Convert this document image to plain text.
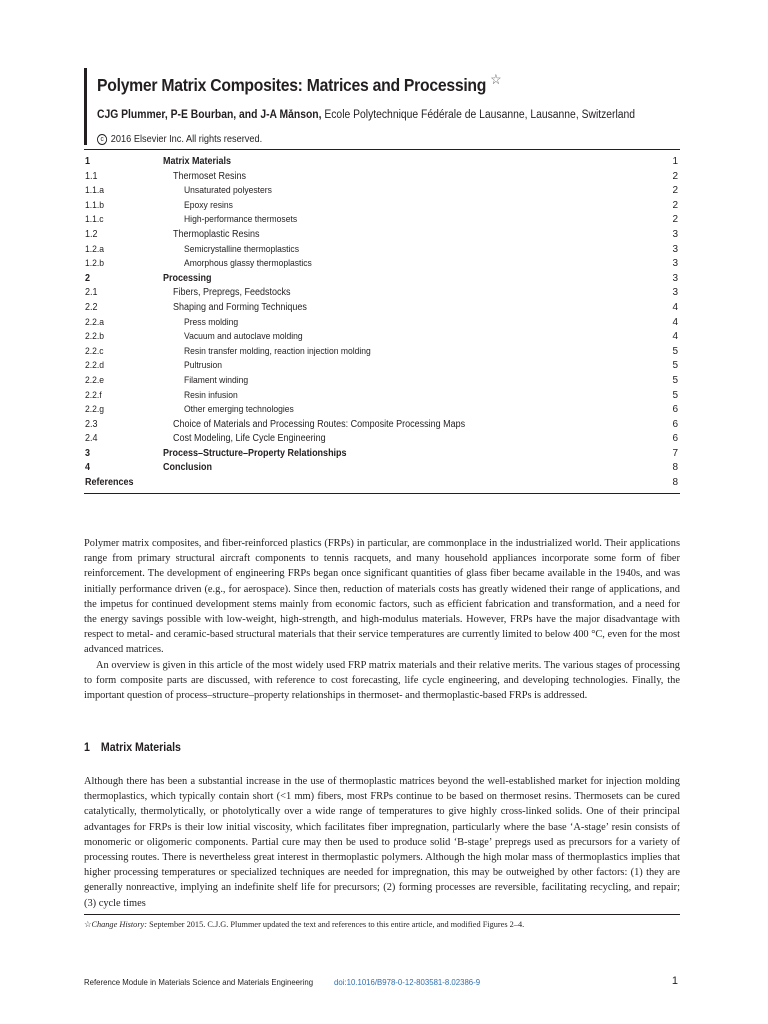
Polymer Matrix Composites: Matrices and Processing ☆
CJG Plummer, P-E Bourban, and J-A Månson, Ecole Polytechnique Fédérale de Lausanne, Lausanne, Switzerland
c 2016 Elsevier Inc. All rights reserved.
1	Matrix Materials	1
1.1	Thermoset Resins	2
1.1.a	Unsaturated polyesters	2
1.1.b	Epoxy resins	2
1.1.c	High-performance thermosets	2
1.2	Thermoplastic Resins	3
1.2.a	Semicrystalline thermoplastics	3
1.2.b	Amorphous glassy thermoplastics	3
2	Processing	3
2.1	Fibers, Prepregs, Feedstocks	3
2.2	Shaping and Forming Techniques	4
2.2.a	Press molding	4
2.2.b	Vacuum and autoclave molding	4
2.2.c	Resin transfer molding, reaction injection molding	5
2.2.d	Pultrusion	5
2.2.e	Filament winding	5
2.2.f	Resin infusion	5
2.2.g	Other emerging technologies	6
2.3	Choice of Materials and Processing Routes: Composite Processing Maps	6
2.4	Cost Modeling, Life Cycle Engineering	6
3	Process–Structure–Property Relationships	7
4	Conclusion	8
References	8

Polymer matrix composites, and fiber-reinforced plastics (FRPs) in particular, are commonplace in the industrialized world. Their applications range from primary structural aircraft components to tennis racquets, and many household appliances incorporate some form of fiber reinforcement. The development of engineering FRPs began once significant quantities of glass fiber became available in the 1940s, and was initially performance driven (e.g., for aerospace). Since then, reduction of materials costs has greatly widened their range of applications, and the impetus for continued development stems mainly from economic factors, such as efficient fabrication and transformation, and a need for the energy savings possible with low-weight, high-strength, and high-modulus materials. However, FRPs have the major disadvantage with respect to metal- and ceramic-based structural materials that their service temperatures are currently limited to below 400 °C, even for the most advanced matrices.

An overview is given in this article of the most widely used FRP matrix materials and their relative merits. The various stages of processing to form composite parts are discussed, with reference to cost forecasting, life cycle engineering, and developing technologies. Finally, the important question of process–structure–property relationships in thermoset- and thermoplastic-based FRPs is addressed.

1 Matrix Materials

Although there has been a substantial increase in the use of thermoplastic matrices beyond the well-established market for injection molding thermoplastics, which typically contain short (<1 mm) fibers, most FRPs continue to be based on thermoset resins. Thermosets can be cured catalytically, thermolytically, or photolytically over a wide range of temperatures to give highly cross-linked solids. One of their principal advantages for FRPs is their low initial viscosity, which facilitates fiber impregnation, particularly where the base ‘A-stage’ resin consists of monomeric or oligomeric components. Partial cure may then be used to produce solid ‘B-stage’ prepregs used as precursors for a variety of processing routes. There is nevertheless great interest in thermoplastic polymers. Although the high molar mass of thermoplastics implies that higher processing temperatures or specialized techniques are needed for impregnation, this may be outweighed by other factors: (1) they are generally nonreactive, implying an indefinite shelf life for precursors; (2) forming processes are reversible, facilitating recycling, and repair; (3) cycle times

☆Change History: September 2015. C.J.G. Plummer updated the text and references to this entire article, and modified Figures 2–4.
Reference Module in Materials Science and Materials Engineering doi:10.1016/B978-0-12-803581-8.02386-9	1
